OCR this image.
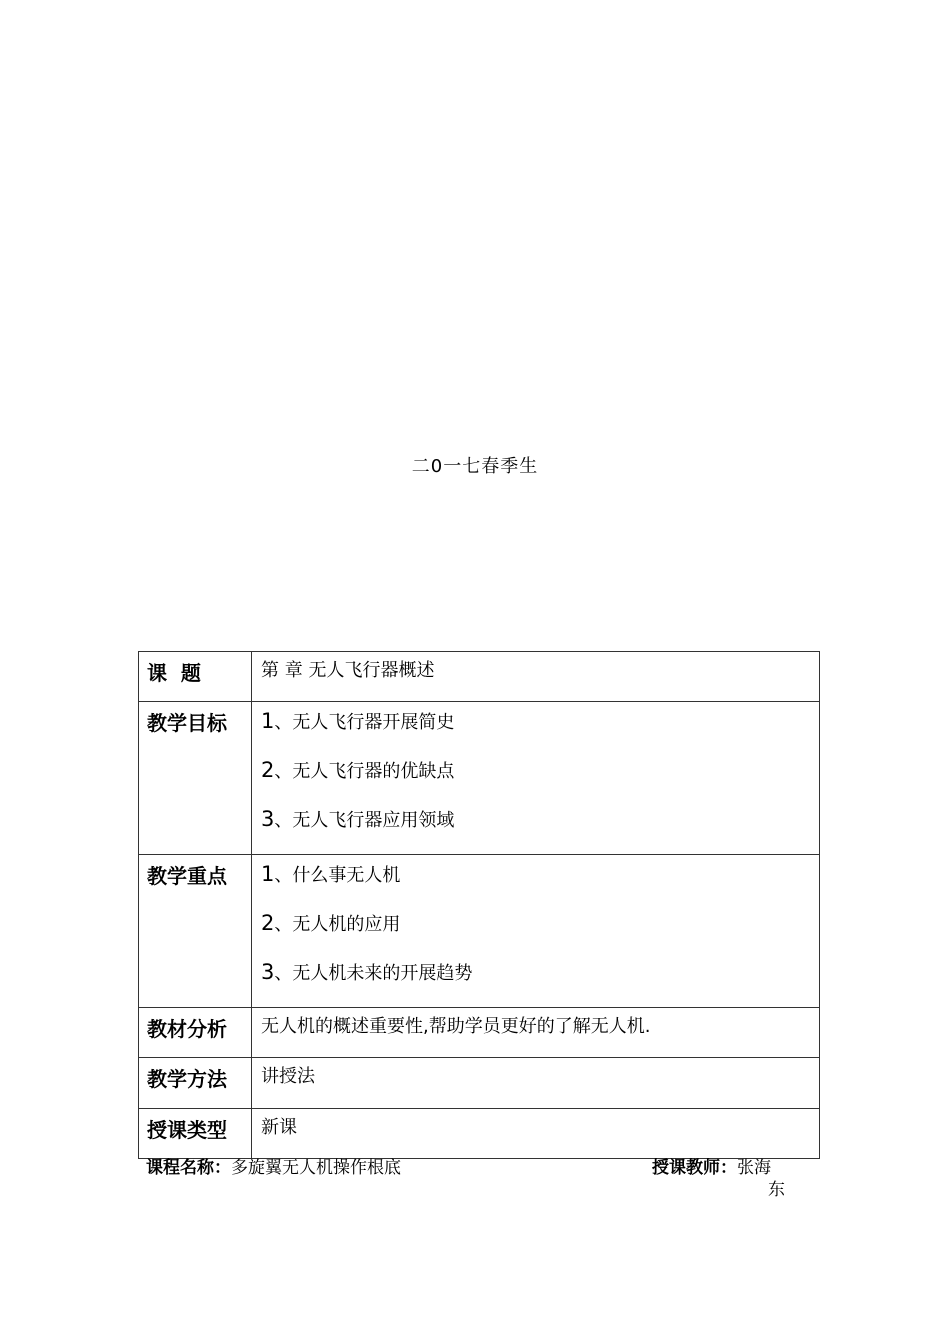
二0一七春季生
课  题	第 章 无人飞行器概述
教学目标	1、无人飞行器开展简史
2、无人飞行器的优缺点
3、无人飞行器应用领域

教学重点	1、什么事无人机
2、无人机的应用
3、无人机未来的开展趋势

教材分析	无人机的概述重要性,帮助学员更好的了解无人机.
教学方法	讲授法
授课类型	新课
课程名称：多旋翼无人机操作根底	授课教师：张海
东
